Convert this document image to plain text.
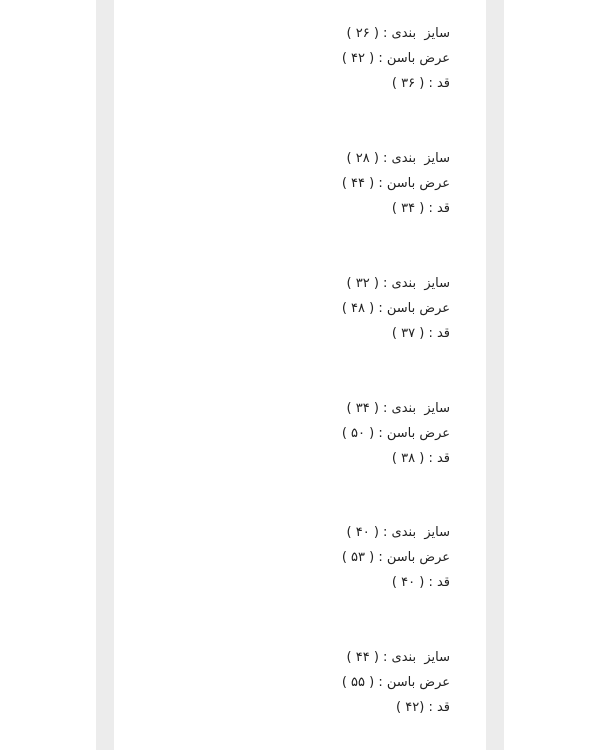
سایز  بندی : ( ۲۶ )
عرض باسن : ( ۴۲ )
قد : ( ۳۶ )
سایز  بندی : ( ۲۸ )
عرض باسن : ( ۴۴ )
قد : ( ۳۴ )
سایز  بندی : ( ۳۲ )
عرض باسن : ( ۴۸ )
قد : ( ۳۷ )
سایز  بندی : ( ۳۴ )
عرض باسن : ( ۵۰ )
قد : ( ۳۸ )
سایز  بندی : ( ۴۰ )
عرض باسن : ( ۵۳ )
قد : ( ۴۰ )
سایز  بندی : ( ۴۴ )
عرض باسن : ( ۵۵ )
قد : (۴۲ )
